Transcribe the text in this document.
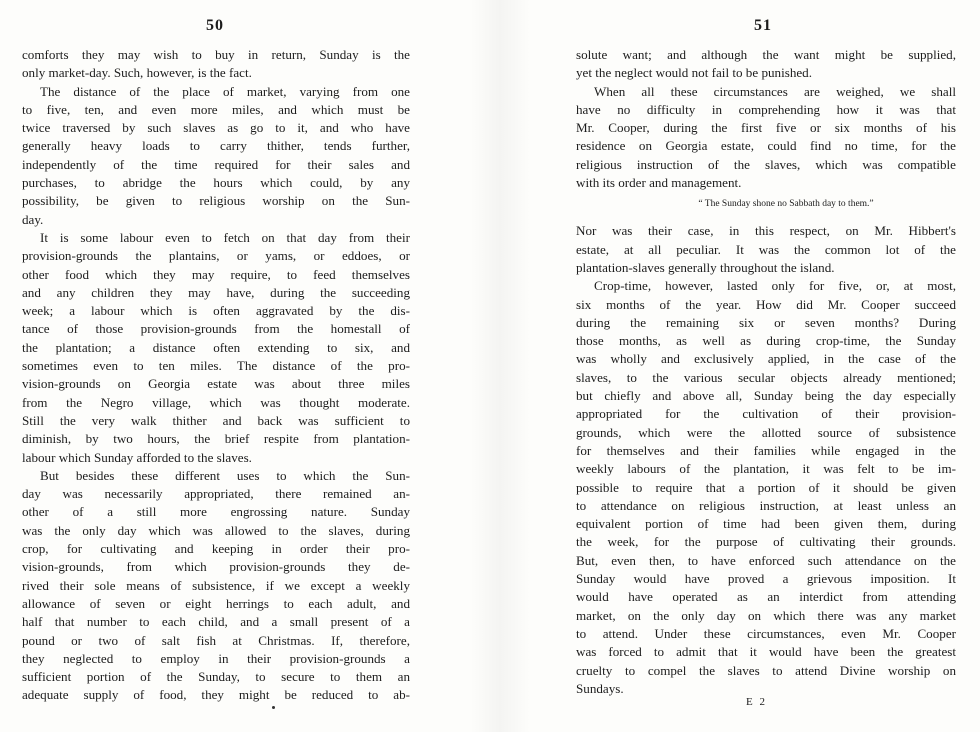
50
comforts they may wish to buy in return, Sunday is the
only market-day. Such, however, is the fact.
The distance of the place of market, varying from one
to five, ten, and even more miles, and which must be
twice traversed by such slaves as go to it, and who have
generally heavy loads to carry thither, tends further,
independently of the time required for their sales and
purchases, to abridge the hours which could, by any
possibility, be given to religious worship on the Sun-
day.
It is some labour even to fetch on that day from their
provision-grounds the plantains, or yams, or eddoes, or
other food which they may require, to feed themselves
and any children they may have, during the succeeding
week; a labour which is often aggravated by the dis-
tance of those provision-grounds from the homestall of
the plantation; a distance often extending to six, and
sometimes even to ten miles. The distance of the pro-
vision-grounds on Georgia estate was about three miles
from the Negro village, which was thought moderate.
Still the very walk thither and back was sufficient to
diminish, by two hours, the brief respite from plantation-
labour which Sunday afforded to the slaves.
But besides these different uses to which the Sun-
day was necessarily appropriated, there remained an-
other of a still more engrossing nature. Sunday
was the only day which was allowed to the slaves, during
crop, for cultivating and keeping in order their pro-
vision-grounds, from which provision-grounds they de-
rived their sole means of subsistence, if we except a weekly
allowance of seven or eight herrings to each adult, and
half that number to each child, and a small present of a
pound or two of salt fish at Christmas. If, therefore,
they neglected to employ in their provision-grounds a
sufficient portion of the Sunday, to secure to them an
adequate supply of food, they might be reduced to ab-
51
solute want; and although the want might be supplied,
yet the neglect would not fail to be punished.
When all these circumstances are weighed, we shall
have no difficulty in comprehending how it was that
Mr. Cooper, during the first five or six months of his
residence on Georgia estate, could find no time, for the
religious instruction of the slaves, which was compatible
with its order and management.
“ The Sunday shone no Sabbath day to them.”
Nor was their case, in this respect, on Mr. Hibbert's
estate, at all peculiar. It was the common lot of the
plantation-slaves generally throughout the island.
Crop-time, however, lasted only for five, or, at most,
six months of the year. How did Mr. Cooper succeed
during the remaining six or seven months? During
those months, as well as during crop-time, the Sunday
was wholly and exclusively applied, in the case of the
slaves, to the various secular objects already mentioned;
but chiefly and above all, Sunday being the day especially
appropriated for the cultivation of their provision-
grounds, which were the allotted source of subsistence
for themselves and their families while engaged in the
weekly labours of the plantation, it was felt to be im-
possible to require that a portion of it should be given
to attendance on religious instruction, at least unless an
equivalent portion of time had been given them, during
the week, for the purpose of cultivating their grounds.
But, even then, to have enforced such attendance on the
Sunday would have proved a grievous imposition. It
would have operated as an interdict from attending
market, on the only day on which there was any market
to attend. Under these circumstances, even Mr. Cooper
was forced to admit that it would have been the greatest
cruelty to compel the slaves to attend Divine worship on
Sundays.
E 2
